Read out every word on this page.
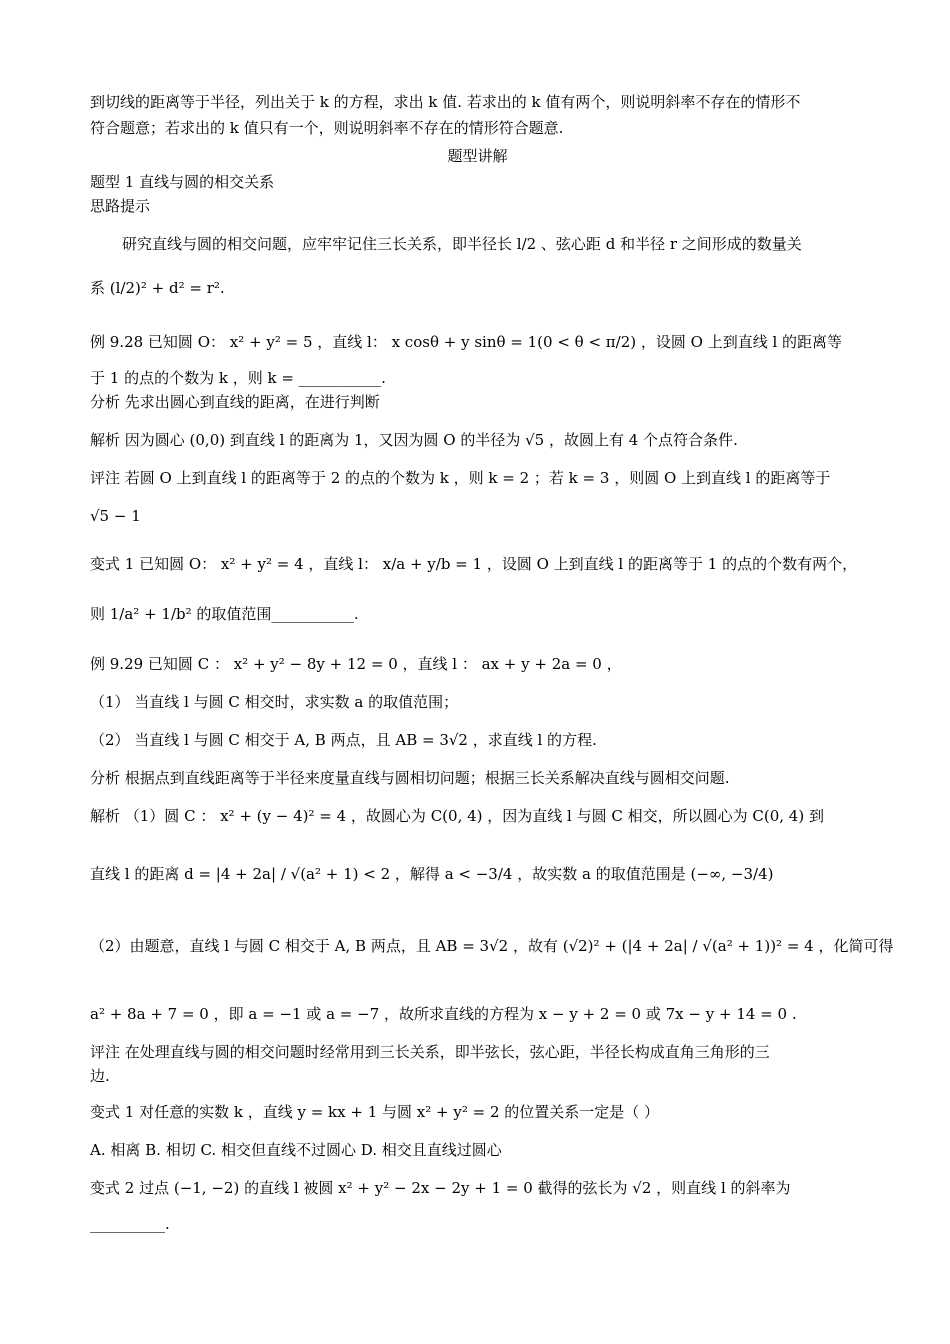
到切线的距离等于半径，列出关于 k 的方程，求出 k 值. 若求出的 k 值有两个，则说明斜率不存在的情形不
符合题意；若求出的 k 值只有一个，则说明斜率不存在的情形符合题意.
题型讲解
题型 1 直线与圆的相交关系
思路提示
研究直线与圆的相交问题，应牢牢记住三长关系，即半径长 l/2 、弦心距 d 和半径 r 之间形成的数量关
系 (l/2)² + d² = r².
例 9.28 已知圆 O： x² + y² = 5 ，直线 l： x cosθ + y sinθ = 1(0 < θ < π/2) ，设圆 O 上到直线 l 的距离等
于 1 的点的个数为 k ，则 k = ___________.
分析 先求出圆心到直线的距离，在进行判断
解析 因为圆心 (0,0) 到直线 l 的距离为 1，又因为圆 O 的半径为 √5 ，故圆上有 4 个点符合条件.
评注 若圆 O 上到直线 l 的距离等于 2 的点的个数为 k ，则 k = 2 ；若 k = 3 ，则圆 O 上到直线 l 的距离等于
√5 − 1
变式 1 已知圆 O： x² + y² = 4 ，直线 l： x/a + y/b = 1 ，设圆 O 上到直线 l 的距离等于 1 的点的个数有两个，
则 1/a² + 1/b² 的取值范围___________.
例 9.29 已知圆 C ： x² + y² − 8y + 12 = 0 ，直线 l ： ax + y + 2a = 0 ，
（1） 当直线 l 与圆 C 相交时，求实数 a 的取值范围；
（2） 当直线 l 与圆 C 相交于 A, B 两点，且 AB = 3√2 ，求直线 l 的方程.
分析 根据点到直线距离等于半径来度量直线与圆相切问题；根据三长关系解决直线与圆相交问题.
解析 （1）圆 C ： x² + (y − 4)² = 4 ，故圆心为 C(0, 4) ，因为直线 l 与圆 C 相交，所以圆心为 C(0, 4) 到
直线 l 的距离 d = |4 + 2a| / √(a² + 1) < 2 ，解得 a < −3/4 ，故实数 a 的取值范围是 (−∞, −3/4)
（2）由题意，直线 l 与圆 C 相交于 A, B 两点，且 AB = 3√2 ，故有 (√2)² + (|4 + 2a| / √(a² + 1))² = 4 ，化简可得
a² + 8a + 7 = 0 ，即 a = −1 或 a = −7 ，故所求直线的方程为 x − y + 2 = 0 或 7x − y + 14 = 0 .
评注 在处理直线与圆的相交问题时经常用到三长关系，即半弦长，弦心距，半径长构成直角三角形的三
边.
变式 1 对任意的实数 k ，直线 y = kx + 1 与圆 x² + y² = 2 的位置关系一定是（ ）
A. 相离 B. 相切 C. 相交但直线不过圆心 D. 相交且直线过圆心
变式 2 过点 (−1, −2) 的直线 l 被圆 x² + y² − 2x − 2y + 1 = 0 截得的弦长为 √2 ，则直线 l 的斜率为
__________.
